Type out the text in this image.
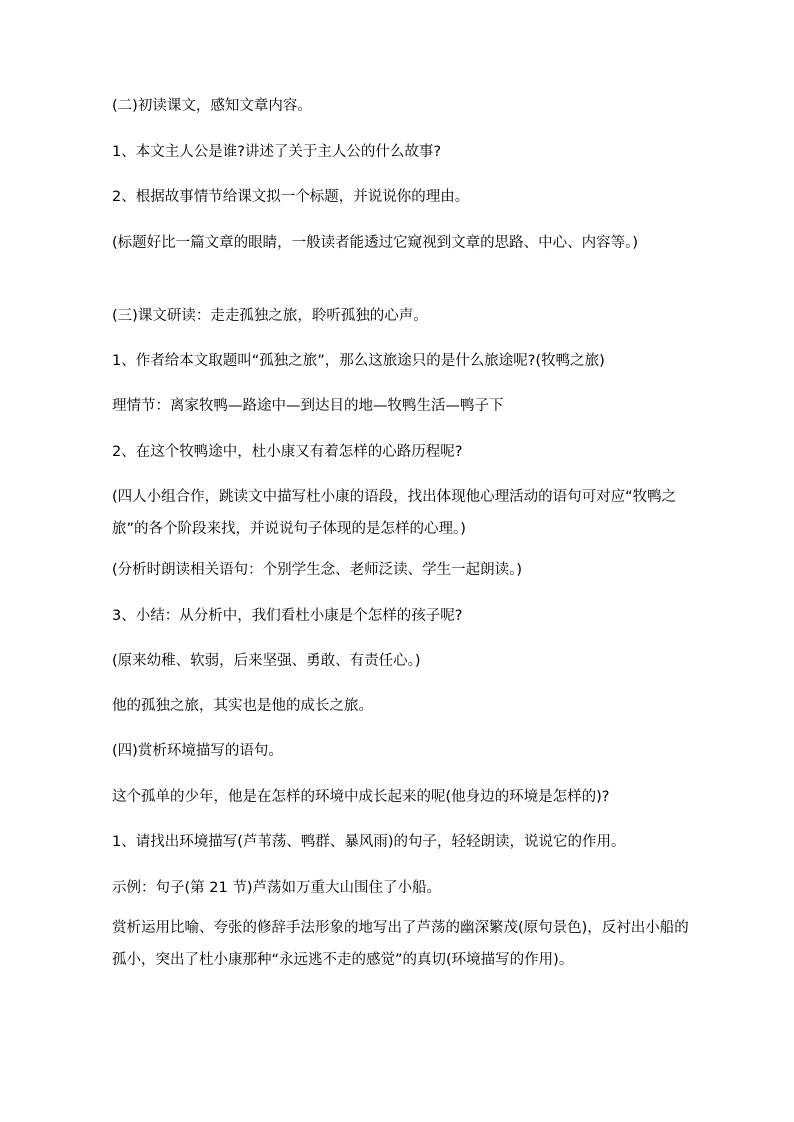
(二)初读课文，感知文章内容。
1、本文主人公是谁?讲述了关于主人公的什么故事?
2、根据故事情节给课文拟一个标题，并说说你的理由。
(标题好比一篇文章的眼睛，一般读者能透过它窥视到文章的思路、中心、内容等。)
(三)课文研读：走走孤独之旅，聆听孤独的心声。
1、作者给本文取题叫“孤独之旅”，那么这旅途只的是什么旅途呢?(牧鸭之旅)
理情节：离家牧鸭—路途中—到达目的地—牧鸭生活—鸭子下
2、在这个牧鸭途中，杜小康又有着怎样的心路历程呢?
(四人小组合作，跳读文中描写杜小康的语段，找出体现他心理活动的语句可对应“牧鸭之旅”的各个阶段来找，并说说句子体现的是怎样的心理。)
(分析时朗读相关语句：个别学生念、老师泛读、学生一起朗读。)
3、小结：从分析中，我们看杜小康是个怎样的孩子呢?
(原来幼稚、软弱，后来坚强、勇敢、有责任心。)
他的孤独之旅，其实也是他的成长之旅。
(四)赏析环境描写的语句。
这个孤单的少年，他是在怎样的环境中成长起来的呢(他身边的环境是怎样的)?
1、请找出环境描写(芦苇荡、鸭群、暴风雨)的句子，轻轻朗读，说说它的作用。
示例：句子(第 21 节)芦荡如万重大山围住了小船。
赏析运用比喻、夸张的修辞手法形象的地写出了芦荡的幽深繁茂(原句景色)，反衬出小船的孤小，突出了杜小康那种“永远逃不走的感觉”的真切(环境描写的作用)。
